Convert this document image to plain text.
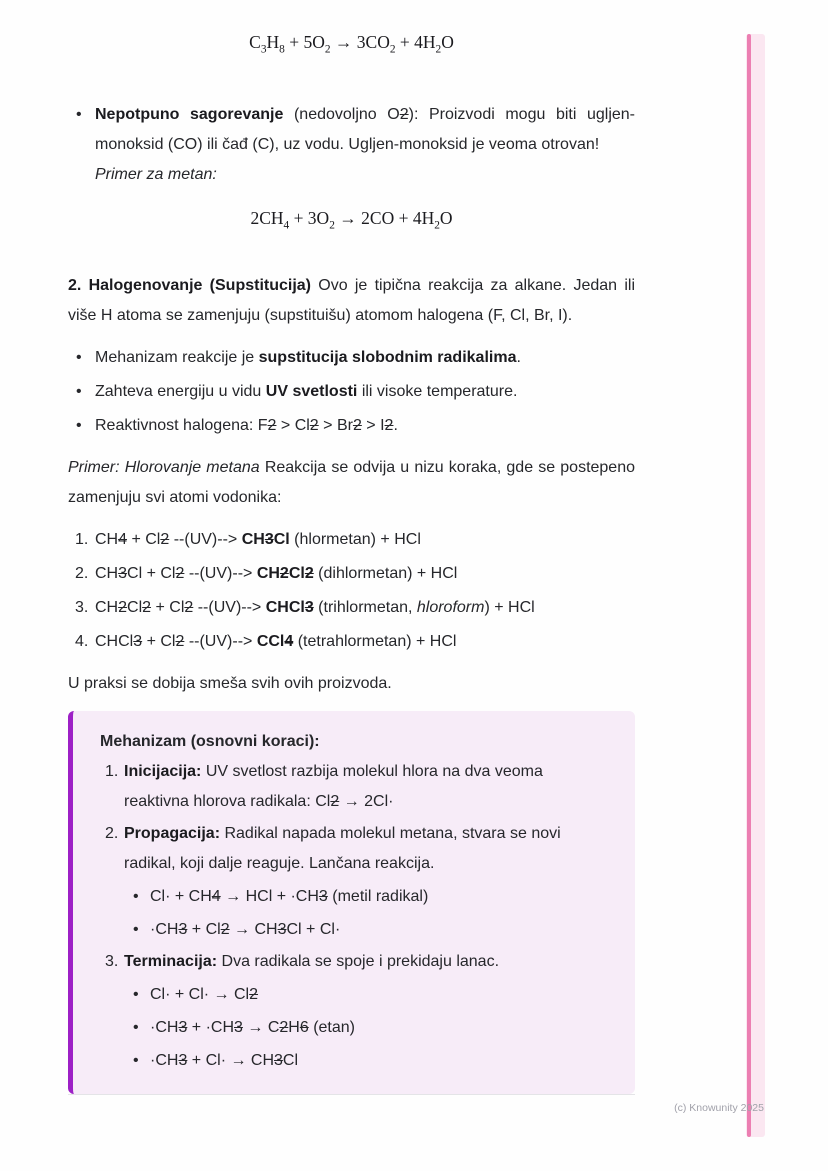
$C_3H_8 + 5O_2 \to 3CO_2 + 4H_2O$

• Nepotpuno sagorevanje (nedovoljno O2): Proizvodi mogu biti ugljen-monoksid (CO) ili čađ (C), uz vodu. Ugljen-monoksid je veoma otrovan!

Primer za metan:

$2CH_4 + 3O_2 \to 2CO + 4H_2O$

2. Halogenovanje (Supstitucija) Ovo je tipična reakcija za alkane. Jedan ili više H atoma se zamenjuju (supstituišu) atomom halogena (F, Cl, Br, I).

• Mehanizam reakcije je supstitucija slobodnim radikalima.
• Zahteva energiju u vidu UV svetlosti ili visoke temperature.
• Reaktivnost halogena: F2 > Cl2 > Br2 > I2.

Primer: Hlorovanje metana Reakcija se odvija u nizu koraka, gde se postepeno zamenjuju svi atomi vodonika:

CH4 + Cl2 --(UV)--> CH3Cl (hlormetan) + HCl
CH3Cl + Cl2 --(UV)--> CH2Cl2 (dihlormetan) + HCl
CH2Cl2 + Cl2 --(UV)--> CHCl3 (trihlormetan, hloroform) + HCl
CHCl3 + Cl2 --(UV)--> CCl4 (tetrahlormetan) + HCl

U praksi se dobija smeša svih ovih proizvoda.

Mehanizam (osnovni koraci):

Inicijacija: UV svetlost razbija molekul hlora na dva veoma reaktivna hlorova radikala: Cl2 → 2Cl·

Propagacija: Radikal napada molekul metana, stvara se novi radikal, koji dalje reaguje. Lančana reakcija.

• Cl· + CH4 → HCl + ·CH3 (metil radikal)
• ·CH3 + Cl2 → CH3Cl + Cl·

Terminacija: Dva radikala se spoje i prekidaju lanac.

• Cl· + Cl· → Cl2
• ·CH3 + ·CH3 → C2H6 (etan)
• ·CH3 + Cl· → CH3Cl
(c) Knowunity 2025
